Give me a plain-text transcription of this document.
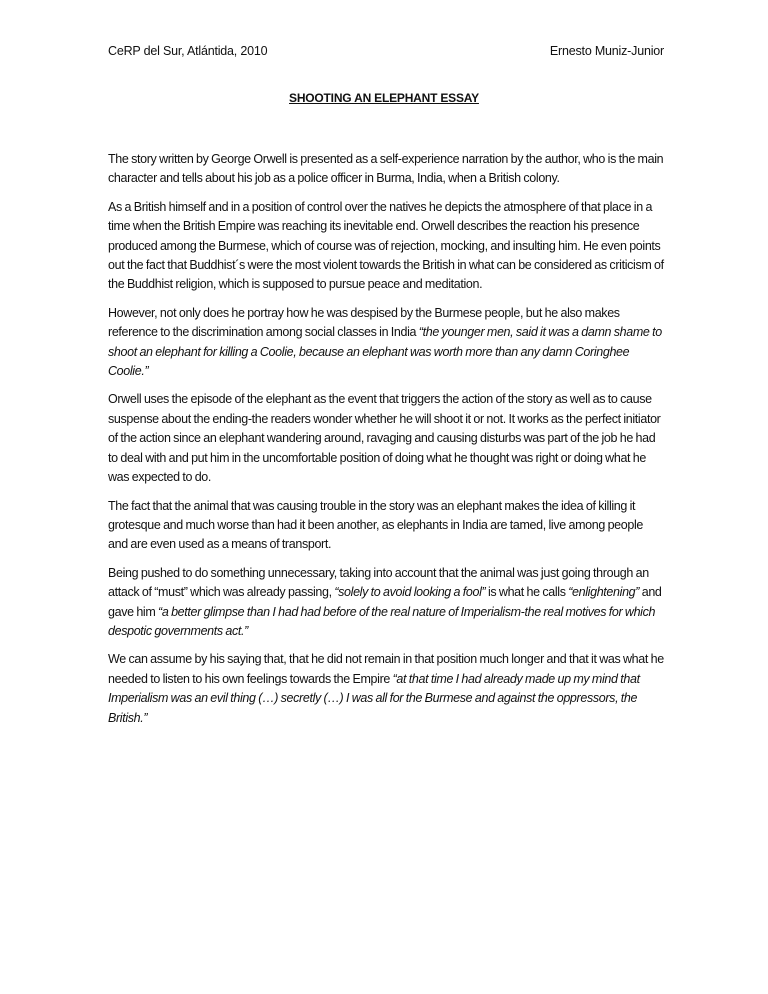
CeRP del Sur, Atlántida, 2010	Ernesto Muniz-Junior
SHOOTING AN ELEPHANT ESSAY

The story written by George Orwell is presented as a self-experience narration by the author, who is the main character and tells about his job as a police officer in Burma, India, when a British colony.

As a British himself and in a position of control over the natives he depicts the atmosphere of that place in a time when the British Empire was reaching its inevitable end. Orwell describes the reaction his presence produced among the Burmese, which of course was of rejection, mocking, and insulting him. He even points out the fact that Buddhist´s were the most violent towards the British in what can be considered as criticism of the Buddhist religion, which is supposed to pursue peace and meditation.

However, not only does he portray how he was despised by the Burmese people, but he also makes reference to the discrimination among social classes in India “the younger men, said it was a damn shame to shoot an elephant for killing a Coolie, because an elephant was worth more than any damn Coringhee Coolie.”

Orwell uses the episode of the elephant as the event that triggers the action of the story as well as to cause suspense about the ending-the readers wonder whether he will shoot it or not. It works as the perfect initiator of the action since an elephant wandering around, ravaging and causing disturbs was part of the job he had to deal with and put him in the uncomfortable position of doing what he thought was right or doing what he was expected to do.

The fact that the animal that was causing trouble in the story was an elephant makes the idea of killing it grotesque and much worse than had it been another, as elephants in India are tamed, live among people and are even used as a means of transport.

Being pushed to do something unnecessary, taking into account that the animal was just going through an attack of “must” which was already passing, “solely to avoid looking a fool” is what he calls “enlightening” and gave him “a better glimpse than I had had before of the real nature of Imperialism-the real motives for which despotic governments act.”

We can assume by his saying that, that he did not remain in that position much longer and that it was what he needed to listen to his own feelings towards the Empire “at that time I had already made up my mind that Imperialism was an evil thing (…) secretly (…) I was all for the Burmese and against the oppressors, the British.”
